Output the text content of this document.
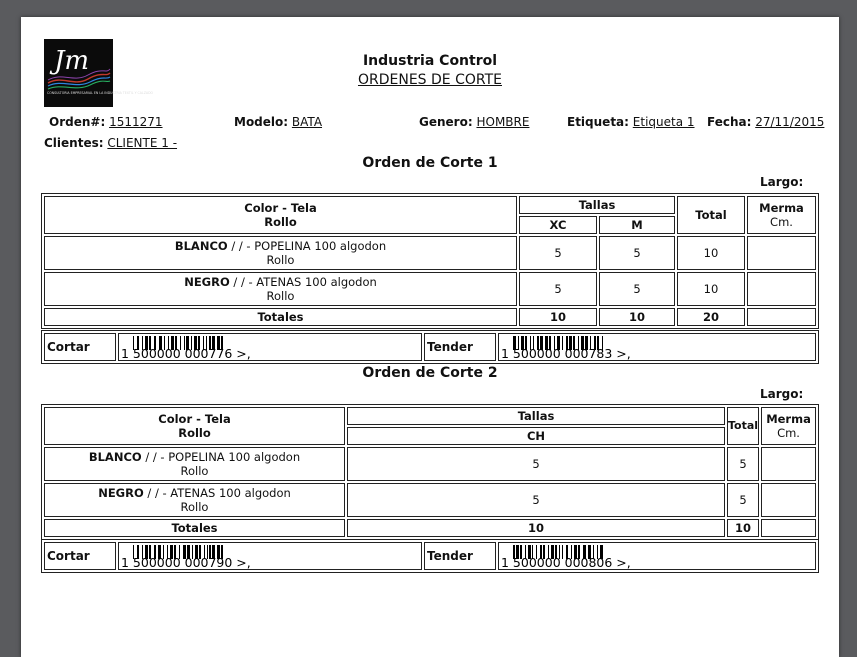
Jm
CONSULTORIA EMPRESARIAL EN LA INDUSTRIA TEXTIL Y CALZADO
Industria Control
ORDENES DE CORTE
Orden#: 1511271	Modelo: BATA	Genero: HOMBRE	Etiqueta: Etiqueta 1 Fecha: 27/11/2015
Clientes: CLIENTE 1 -
Orden de Corte 1
Largo:
Color - Tela
Rollo	Tallas		Total	Merma
Cm.
	XC	M		
BLANCO / / - POPELINA 100 algodon
Rollo	5	5	10	
NEGRO / / - ATENAS 100 algodon
Rollo	5	5	10	
Totales	10	10	20	
Cortar	1 500000 000776 >,	Tender	1 500000 000783 >,
Orden de Corte 2
Largo:
Color - Tela
Rollo	Tallas	Total	Merma
Cm.
	CH		
BLANCO / / - POPELINA 100 algodon
Rollo	5	5	
NEGRO / / - ATENAS 100 algodon
Rollo	5	5	
Totales	10	10	
Cortar	1 500000 000790 >,	Tender	1 500000 000806 >,
